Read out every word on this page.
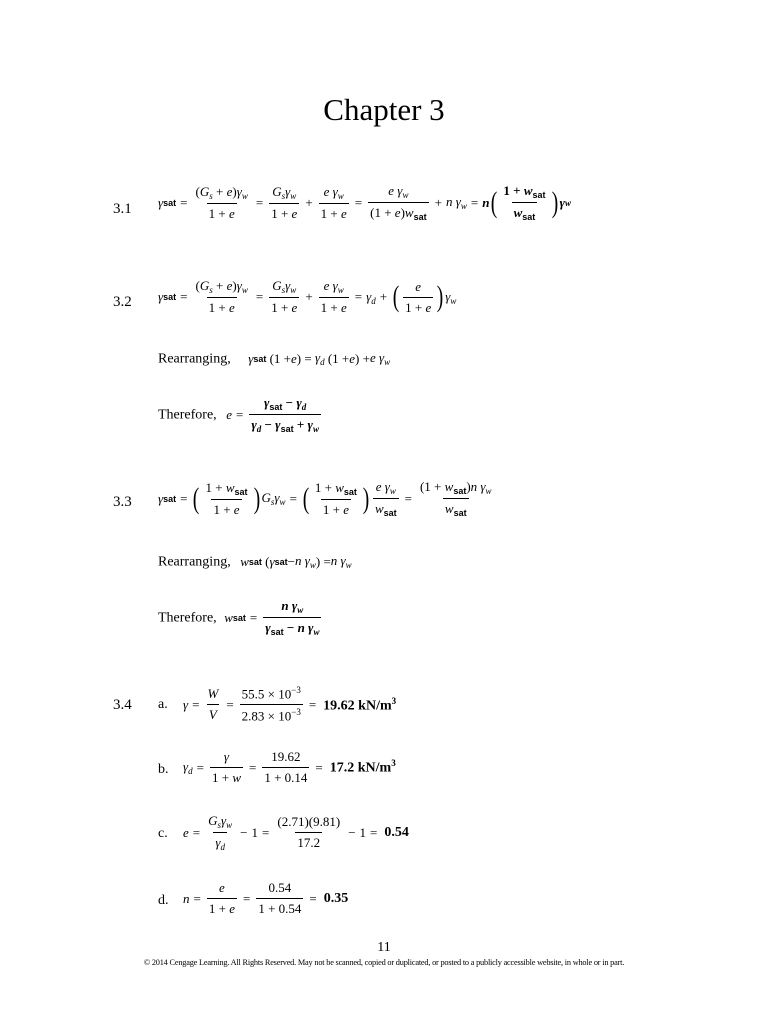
Chapter 3
3.1 γ sat = $\frac{(G_s + e)\gamma_w}{1 + e} = \frac{G_s\gamma_w}{1 + e} + \frac{e \gamma_w}{1 + e} = \frac{e \gamma_w}{(1 + e)w_{sat}} + n$ $\gamma_w = n$ ( $\frac{1 + w_{sat}}{w_{sat}}$ ) γ w
3.2 γ sat = $\frac{(G_s + e)\gamma_w}{1 + e} = \frac{G_s\gamma_w}{1 + e} + \frac{e \gamma_w}{1 + e} = \gamma_d$ + ( $\frac{e}{1 + e}$ ) $\gamma_w$
Rearranging, γ sat (1 + e ) = $\gamma_d$ (1 + e ) + e $\gamma_w$
Therefore, $e = \frac{\gamma_{sat} - \gamma_d}{\gamma_d - \gamma_{sat} + \gamma_w}$
3.3 γ sat = ( $\frac{1 + w_{sat}}{1 + e}$ ) $G_s\gamma_w$ = ( $\frac{1 + w_{sat}}{1 + e}$ ) $\frac{e \gamma_w}{w_{sat}} = \frac{(1 + w_{sat})n \gamma_w}{w_{sat}}$
Rearranging, w sat ( γ sat − n $\gamma_w$ ) = n $\gamma_w$
Therefore, w sat = $\frac{n \gamma_w}{\gamma_{sat} - n \gamma_w}$
3.4 a. $\gamma = \frac{W}{V} = \frac{55.5 \times 10^{-3}}{2.83 \times 10^{-3}} = 19.62$ $kN/m^3$
b. $\gamma_d = \frac{\gamma}{1 + w} = \frac{19.62}{1 + 0.14} = 17.2$ $kN/m^3$
c. $e = \frac{G_s\gamma_w}{\gamma_d} - 1 = \frac{(2.71)(9.81)}{17.2} - 1 = 0.54$
d. $n = \frac{e}{1 + e} = \frac{0.54}{1 + 0.54} = 0.35$
11
© 2014 Cengage Learning. All Rights Reserved. May not be scanned, copied or duplicated, or posted to a publicly accessible website, in whole or in part.
